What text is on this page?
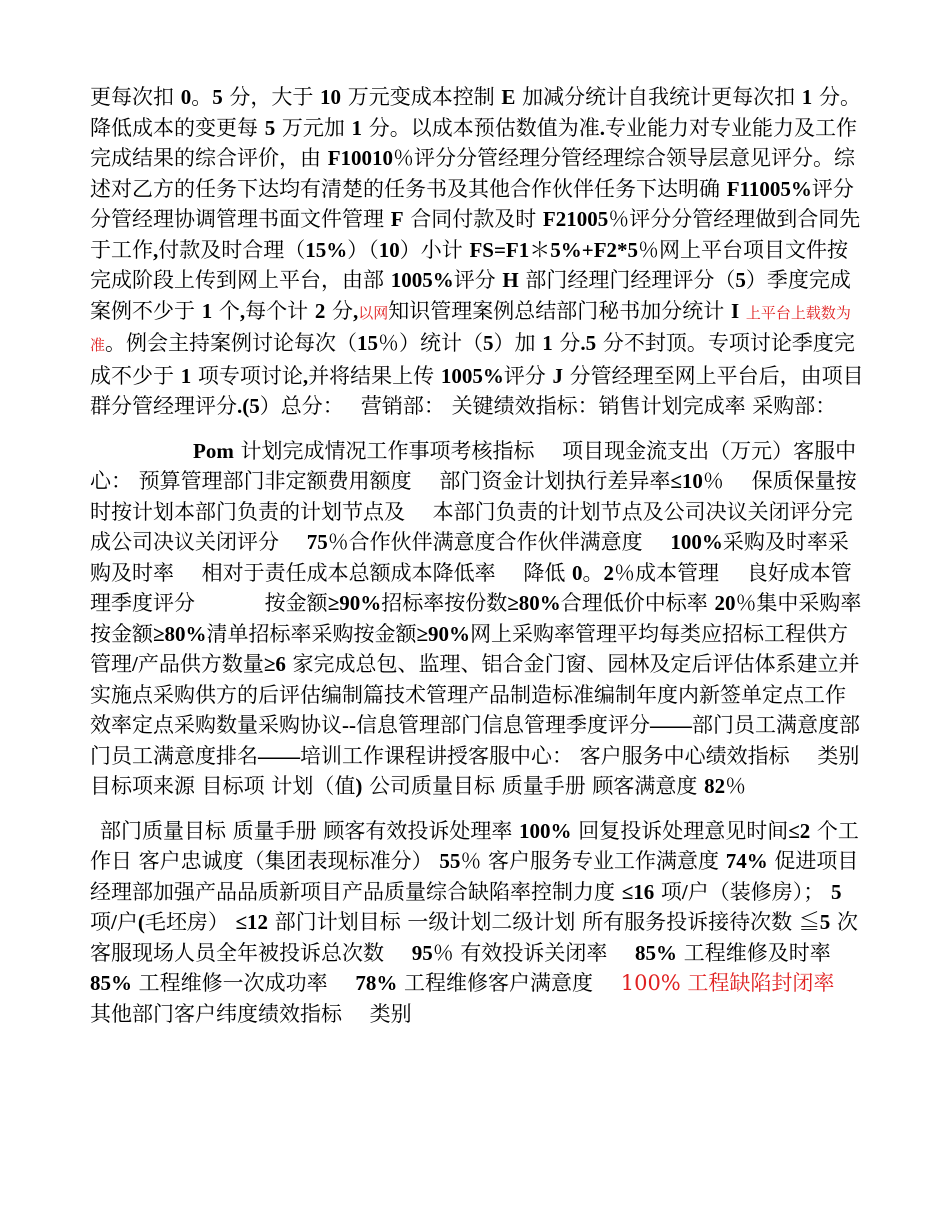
更每次扣 0。5 分，大于 10 万元变成本控制 E 加减分统计自我统计更每次扣 1 分。降低成本的变更每 5 万元加 1 分。以成本预估数值为准.专业能力对专业能力及工作完成结果的综合评价，由 F10010％评分分管经理分管经理综合领导层意见评分。综述对乙方的任务下达均有清楚的任务书及其他合作伙伴任务下达明确 F11005%评分分管经理协调管理书面文件管理 F 合同付款及时 F21005％评分分管经理做到合同先于工作,付款及时合理（15%）（10）小计 FS=F1＊5%+F2*5％网上平台项目文件按完成阶段上传到网上平台，由部 1005%评分 H 部门经理门经理评分（5）季度完成案例不少于 1 个,每个计 2 分,以网知识管理案例总结部门秘书加分统计 I 上平台上载数为准。例会主持案例讨论每次（15％）统计（5）加 1 分.5 分不封顶。专项讨论季度完成不少于 1 项专项讨论,并将结果上传 1005%评分 J 分管经理至网上平台后，由项目群分管经理评分.(5）总分：　 营销部： 关键绩效指标：销售计划完成率 采购部：

Pom 计划完成情况工作事项考核指标 　项目现金流支出（万元）客服中心： 预算管理部门非定额费用额度 　部门资金计划执行差异率≤10％ 　保质保量按时按计划本部门负责的计划节点及 　本部门负责的计划节点及公司决议关闭评分完成公司决议关闭评分 　75％合作伙伴满意度合作伙伴满意度 　100%采购及时率采购及时率 　相对于责任成本总额成本降低率 　降低 0。2％成本管理 　良好成本管理季度评分 　　　按金额≥90%招标率按份数≥80%合理低价中标率 20％集中采购率按金额≥80%清单招标率采购按金额≥90%网上采购率管理平均每类应招标工程供方管理/产品供方数量≥6 家完成总包、监理、铝合金门窗、园林及定后评估体系建立并实施点采购供方的后评估编制篇技术管理产品制造标准编制年度内新签单定点工作效率定点采购数量采购协议--信息管理部门信息管理季度评分——部门员工满意度部门员工满意度排名——培训工作课程讲授客服中心： 客户服务中心绩效指标 　类别 目标项来源 目标项 计划（值) 公司质量目标 质量手册 顾客满意度 82％

部门质量目标 质量手册 顾客有效投诉处理率 100% 回复投诉处理意见时间≤2 个工作日 客户忠诚度（集团表现标准分） 55％ 客户服务专业工作满意度 74% 促进项目经理部加强产品品质新项目产品质量综合缺陷率控制力度 ≤16 项/户（装修房）； 5 项/户(毛坯房） ≤12 部门计划目标 一级计划二级计划 所有服务投诉接待次数 ≦5 次 客服现场人员全年被投诉总次数 　95％ 有效投诉关闭率 　85% 工程维修及时率 　85% 工程维修一次成功率 　78% 工程维修客户满意度 　100% 工程缺陷封闭率 　其他部门客户纬度绩效指标 　类别
